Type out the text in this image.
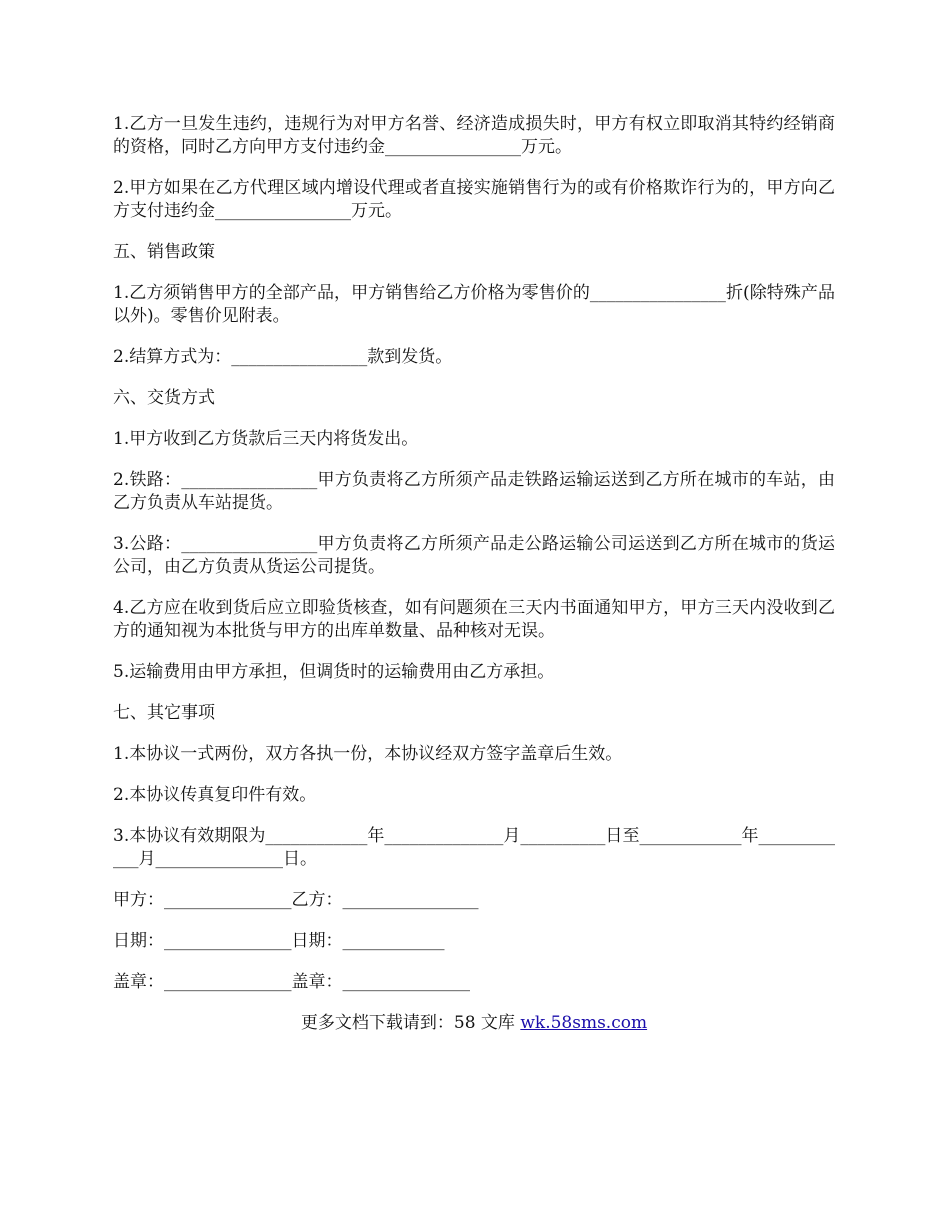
1.乙方一旦发生违约，违规行为对甲方名誉、经济造成损失时，甲方有权立即取消其特约经销商的资格，同时乙方向甲方支付违约金________________万元。

2.甲方如果在乙方代理区域内增设代理或者直接实施销售行为的或有价格欺诈行为的，甲方向乙方支付违约金________________万元。

五、销售政策

1.乙方须销售甲方的全部产品，甲方销售给乙方价格为零售价的________________折(除特殊产品以外)。零售价见附表。

2.结算方式为：________________款到发货。

六、交货方式

1.甲方收到乙方货款后三天内将货发出。

2.铁路：________________甲方负责将乙方所须产品走铁路运输运送到乙方所在城市的车站，由乙方负责从车站提货。

3.公路：________________甲方负责将乙方所须产品走公路运输公司运送到乙方所在城市的货运公司，由乙方负责从货运公司提货。

4.乙方应在收到货后应立即验货核查，如有问题须在三天内书面通知甲方，甲方三天内没收到乙方的通知视为本批货与甲方的出库单数量、品种核对无误。

5.运输费用由甲方承担，但调货时的运输费用由乙方承担。

七、其它事项

1.本协议一式两份，双方各执一份，本协议经双方签字盖章后生效。

2.本协议传真复印件有效。

3.本协议有效期限为____________年______________月__________日至____________年____________月_______________日。

甲方：_______________乙方：________________
日期：_______________日期：____________
盖章：_______________盖章：_______________
更多文档下载请到：58 文库 wk.58sms.com
